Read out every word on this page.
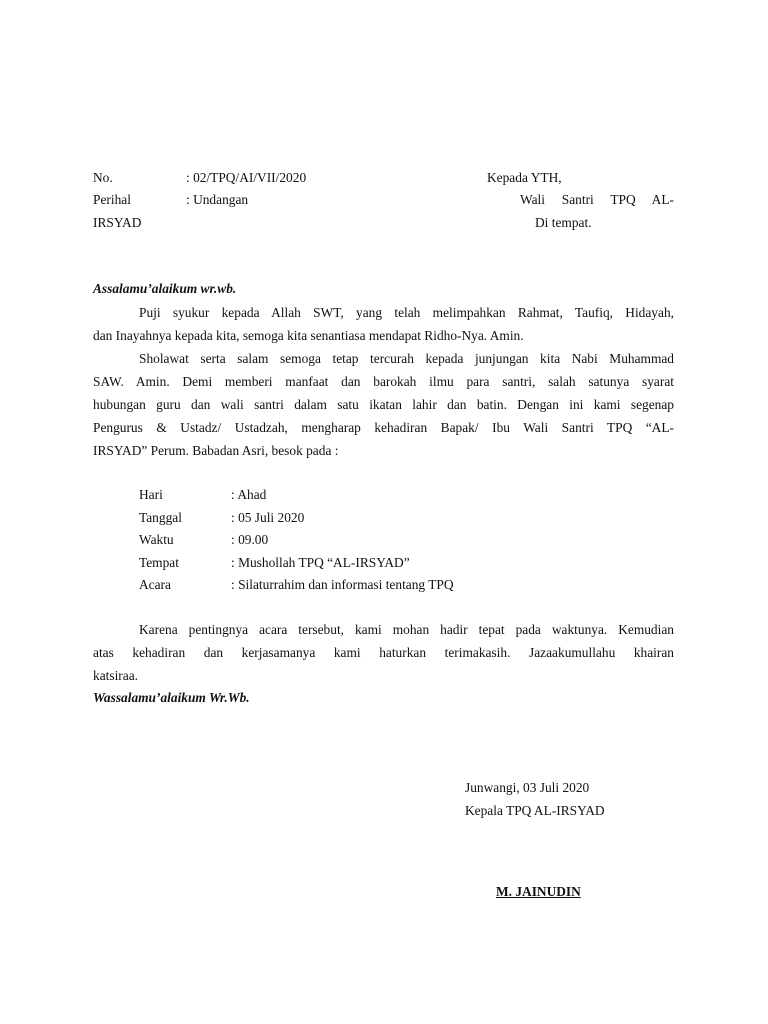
No.	: 02/TPQ/AI/VII/2020	Kepada YTH,
Perihal	: Undangan	Wali Santri TPQ AL-
IRSYAD	Di tempat.
Assalamu’alaikum wr.wb.
Puji syukur kepada Allah SWT, yang telah melimpahkan Rahmat, Taufiq, Hidayah,
dan Inayahnya kepada kita, semoga kita senantiasa mendapat Ridho-Nya. Amin.
Sholawat serta salam semoga tetap tercurah kepada junjungan kita Nabi Muhammad
SAW. Amin. Demi memberi manfaat dan barokah ilmu para santri, salah satunya syarat
hubungan guru dan wali santri dalam satu ikatan lahir dan batin. Dengan ini kami segenap
Pengurus & Ustadz/ Ustadzah, mengharap kehadiran Bapak/ Ibu Wali Santri TPQ “AL-
IRSYAD” Perum. Babadan Asri, besok pada :
Hari	: Ahad
Tanggal	: 05 Juli 2020
Waktu	: 09.00
Tempat	: Mushollah TPQ “AL-IRSYAD”
Acara	: Silaturrahim dan informasi tentang TPQ
Karena pentingnya acara tersebut, kami mohan hadir tepat pada waktunya. Kemudian
atas kehadiran dan kerjasamanya kami haturkan terimakasih. Jazaakumullahu khairan
katsiraa.
Wassalamu’alaikum Wr.Wb.
Junwangi, 03 Juli 2020
Kepala TPQ AL-IRSYAD
M. JAINUDIN
